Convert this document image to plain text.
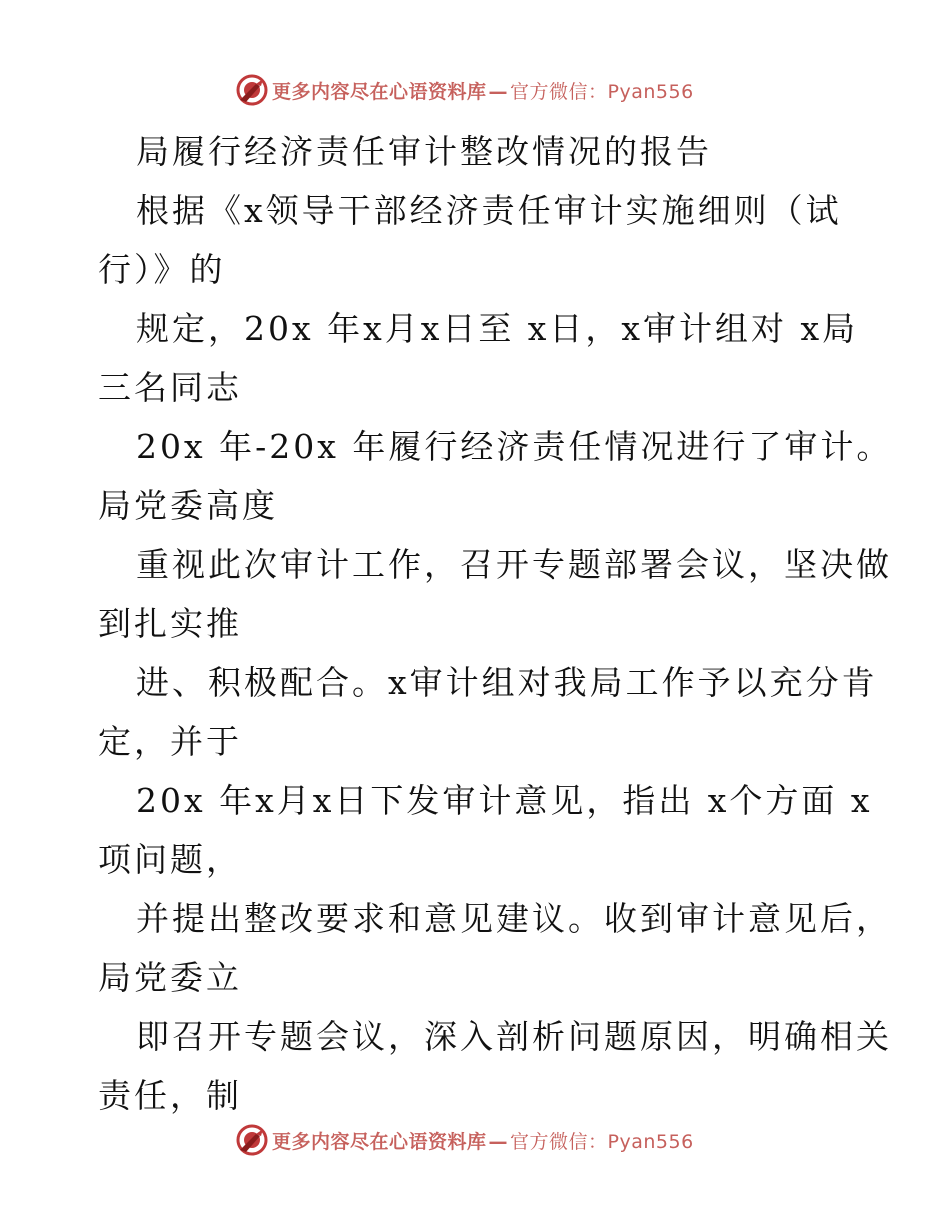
更多内容尽在心语资料库 — 官方微信：Pyan556
局履行经济责任审计整改情况的报告
根据《x领导干部经济责任审计实施细则（试
行）》的
规定，20x 年x月x日至 x日，x审计组对 x局
三名同志
20x 年-20x 年履行经济责任情况进行了审计。
局党委高度
重视此次审计工作，召开专题部署会议，坚决做
到扎实推
进、积极配合。x审计组对我局工作予以充分肯
定，并于
20x 年x月x日下发审计意见，指出 x个方面 x
项问题，
并提出整改要求和意见建议。收到审计意见后，
局党委立
即召开专题会议，深入剖析问题原因，明确相关
责任，制
更多内容尽在心语资料库 — 官方微信：Pyan556
